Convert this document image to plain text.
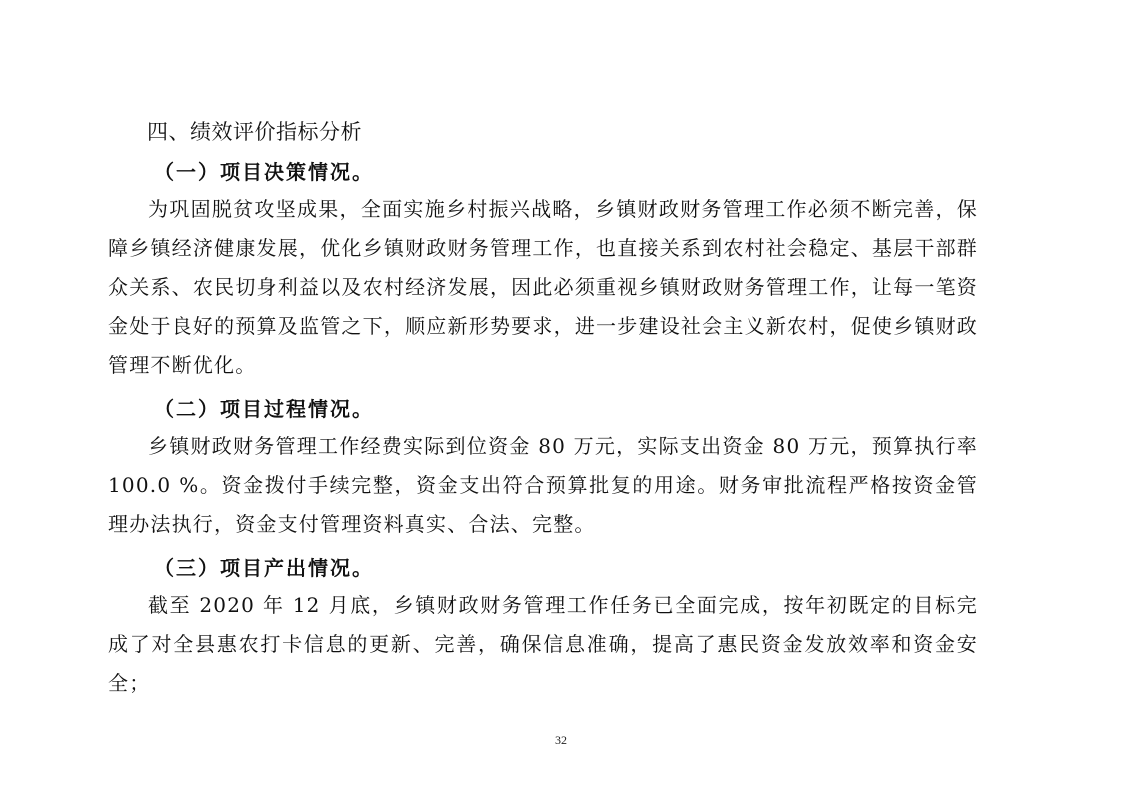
四、绩效评价指标分析
（一）项目决策情况。

为巩固脱贫攻坚成果，全面实施乡村振兴战略，乡镇财政财务管理工作必须不断完善，保障乡镇经济健康发展，优化乡镇财政财务管理工作，也直接关系到农村社会稳定、基层干部群众关系、农民切身利益以及农村经济发展，因此必须重视乡镇财政财务管理工作，让每一笔资金处于良好的预算及监管之下，顺应新形势要求，进一步建设社会主义新农村，促使乡镇财政管理不断优化。

（二）项目过程情况。

乡镇财政财务管理工作经费实际到位资金 80 万元，实际支出资金 80 万元，预算执行率 100.0 %。资金拨付手续完整，资金支出符合预算批复的用途。财务审批流程严格按资金管理办法执行，资金支付管理资料真实、合法、完整。

（三）项目产出情况。

截至 2020 年 12 月底，乡镇财政财务管理工作任务已全面完成，按年初既定的目标完成了对全县惠农打卡信息的更新、完善，确保信息准确，提高了惠民资金发放效率和资金安全；

32
